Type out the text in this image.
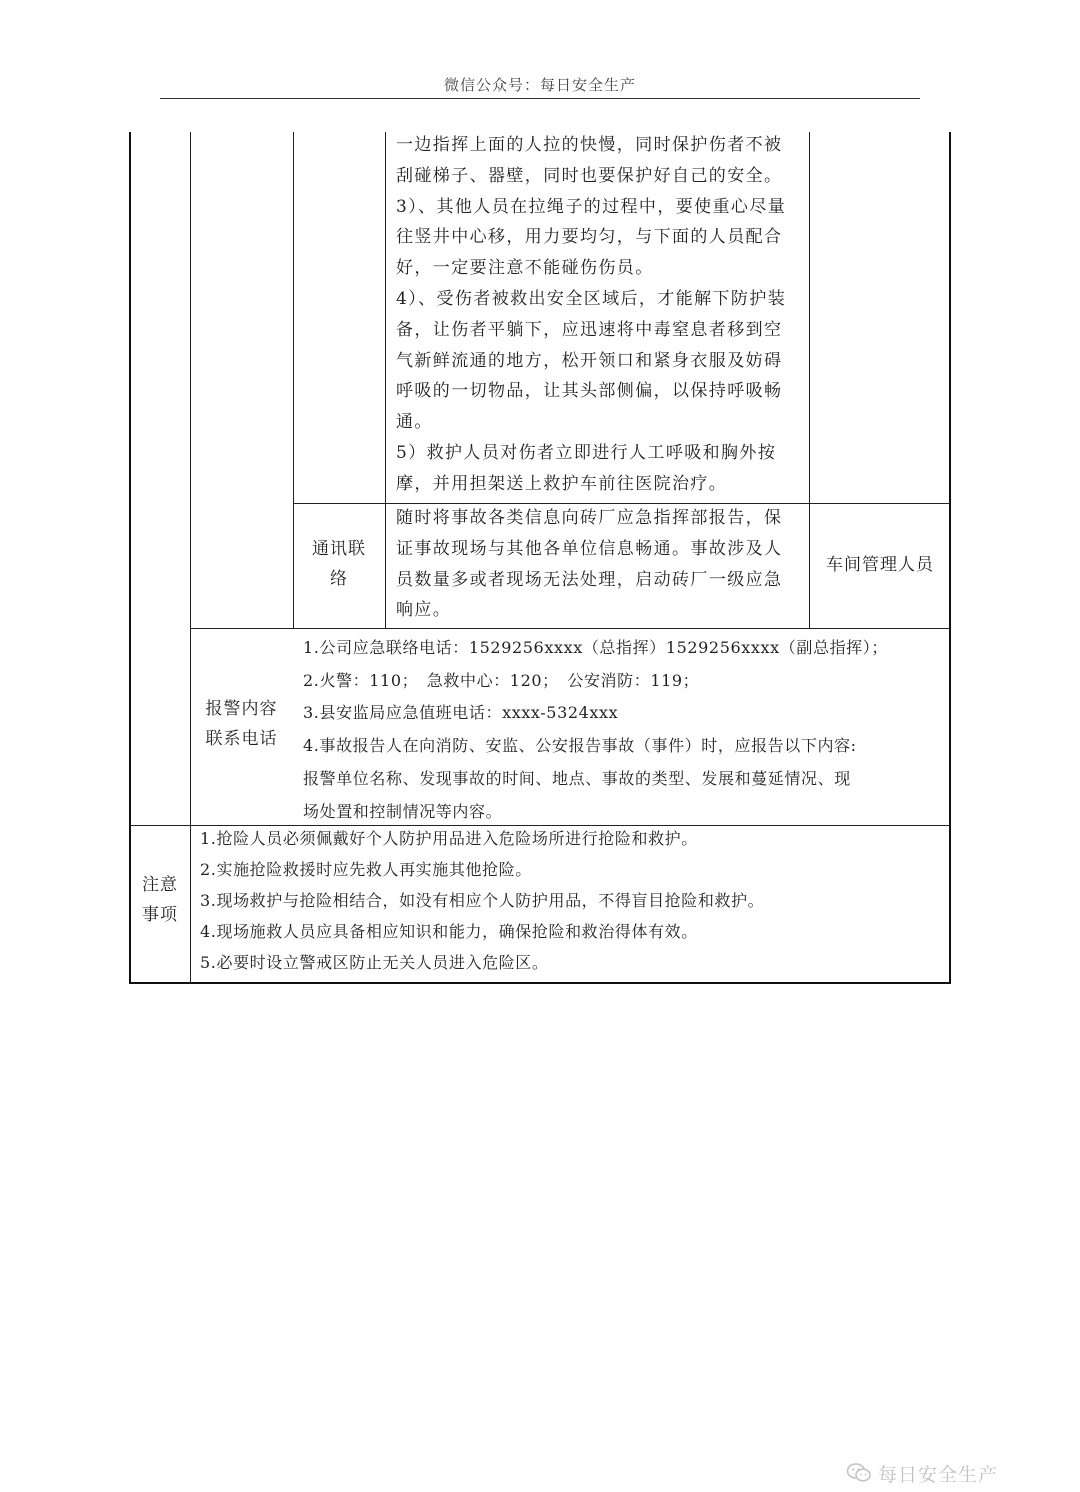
微信公众号：每日安全生产

一边指挥上面的人拉的快慢，同时保护伤者不被

刮碰梯子、器壁，同时也要保护好自己的安全。

3）、其他人员在拉绳子的过程中，要使重心尽量

往竖井中心移，用力要均匀，与下面的人员配合

好，一定要注意不能碰伤伤员。

4）、受伤者被救出安全区域后，才能解下防护装

备，让伤者平躺下，应迅速将中毒窒息者移到空

气新鲜流通的地方，松开领口和紧身衣服及妨碍

呼吸的一切物品，让其头部侧偏，以保持呼吸畅

通。

5）救护人员对伤者立即进行人工呼吸和胸外按

摩，并用担架送上救护车前往医院治疗。

通讯联
络

随时将事故各类信息向砖厂应急指挥部报告，保

证事故现场与其他各单位信息畅通。事故涉及人

员数量多或者现场无法处理，启动砖厂一级应急

响应。

车间管理人员
报警内容
联系电话

1.公司应急联络电话：1529256xxxx（总指挥）1529256xxxx（副总指挥）；

2.火警：110；　急救中心：120；　公安消防：119；

3.县安监局应急值班电话：xxxx-5324xxx

4.事故报告人在向消防、安监、公安报告事故（事件）时，应报告以下内容:

报警单位名称、发现事故的时间、地点、事故的类型、发展和蔓延情况、现

场处置和控制情况等内容。

注意
事项

1.抢险人员必须佩戴好个人防护用品进入危险场所进行抢险和救护。

2.实施抢险救援时应先救人再实施其他抢险。

3.现场救护与抢险相结合，如没有相应个人防护用品，不得盲目抢险和救护。

4.现场施救人员应具备相应知识和能力，确保抢险和救治得体有效。

5.必要时设立警戒区防止无关人员进入危险区。

每日安全生产
